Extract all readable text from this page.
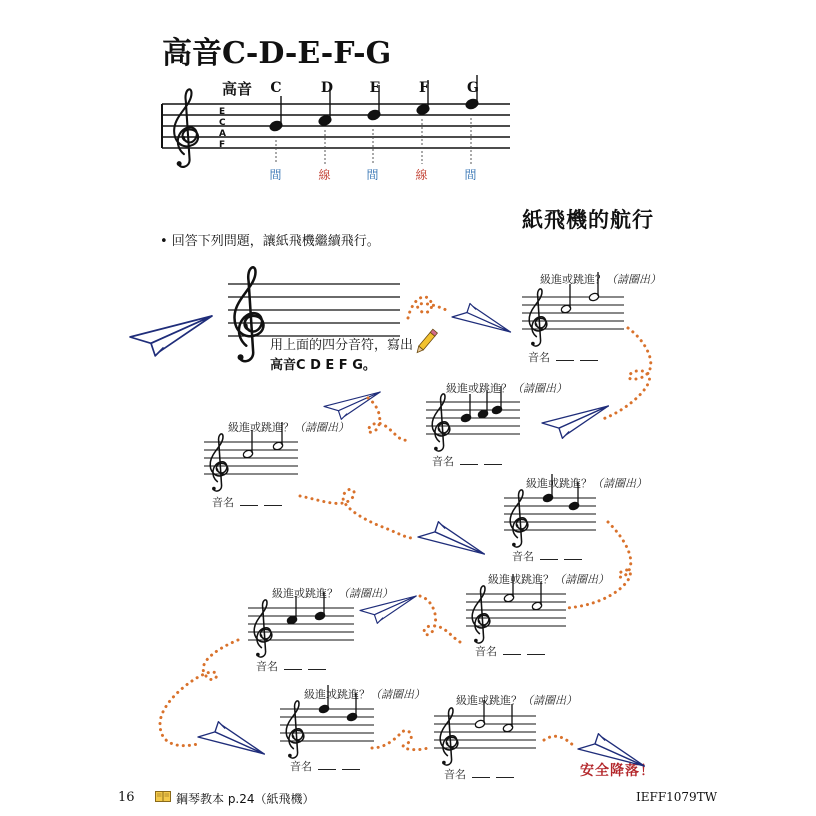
高音C-D-E-F-G
高音 C	D	E	F	G
間	線	間	線	間
紙飛機的航行
• 回答下列問題，讓紙飛機繼續飛行。
用上面的四分音符，寫出
高音C D E F G。
級進或跳進？（請圈出）
音名
級進或跳進？（請圈出）
音名
級進或跳進？（請圈出）
音名
級進或跳進？（請圈出）
音名
級進或跳進？（請圈出）
音名
級進或跳進？（請圈出）
音名
級進或跳進？（請圈出）
音名
級進或跳進？（請圈出）
音名	安全降落！
16	鋼琴教本 p.24（紙飛機）	IEFF1079TW
E
C
A
F
